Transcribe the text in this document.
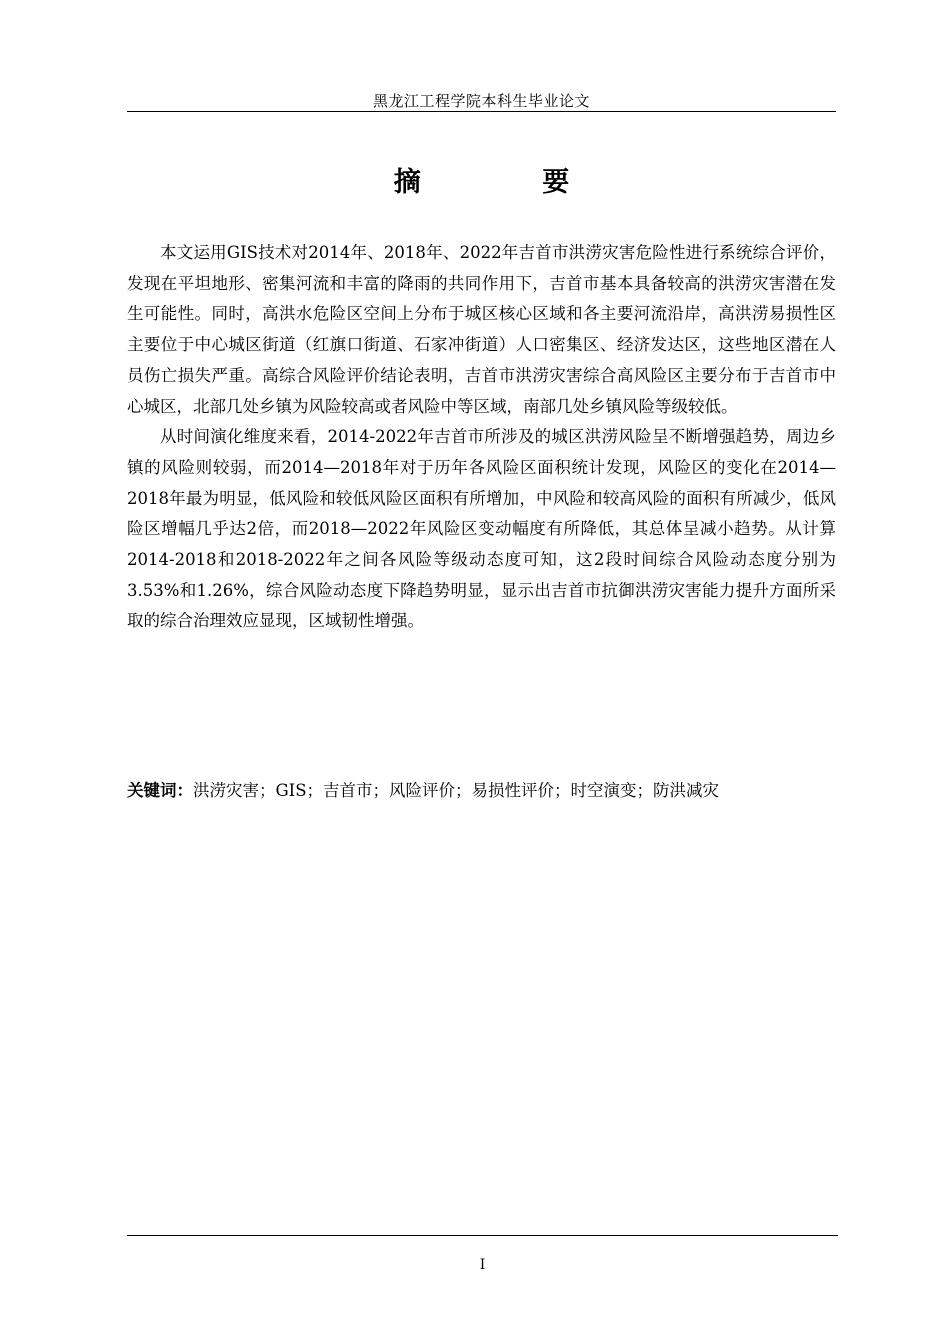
黑龙江工程学院本科生毕业论文
摘 要

本文运用GIS技术对2014年、2018年、2022年吉首市洪涝灾害危险性进行系统综合评价，发现在平坦地形、密集河流和丰富的降雨的共同作用下，吉首市基本具备较高的洪涝灾害潜在发生可能性。同时，高洪水危险区空间上分布于城区核心区域和各主要河流沿岸，高洪涝易损性区主要位于中心城区街道（红旗口街道、石家冲街道）人口密集区、经济发达区，这些地区潜在人员伤亡损失严重。高综合风险评价结论表明，吉首市洪涝灾害综合高风险区主要分布于吉首市中心城区，北部几处乡镇为风险较高或者风险中等区域，南部几处乡镇风险等级较低。

从时间演化维度来看，2014-2022年吉首市所涉及的城区洪涝风险呈不断增强趋势，周边乡镇的风险则较弱，而2014—2018年对于历年各风险区面积统计发现，风险区的变化在2014—2018年最为明显，低风险和较低风险区面积有所增加，中风险和较高风险的面积有所减少，低风险区增幅几乎达2倍，而2018—2022年风险区变动幅度有所降低，其总体呈减小趋势。从计算2014-2018和2018-2022年之间各风险等级动态度可知，这2段时间综合风险动态度分别为3.53%和1.26%，综合风险动态度下降趋势明显，显示出吉首市抗御洪涝灾害能力提升方面所采取的综合治理效应显现，区域韧性增强。

关键词：洪涝灾害；GIS；吉首市；风险评价；易损性评价；时空演变；防洪减灾
I
